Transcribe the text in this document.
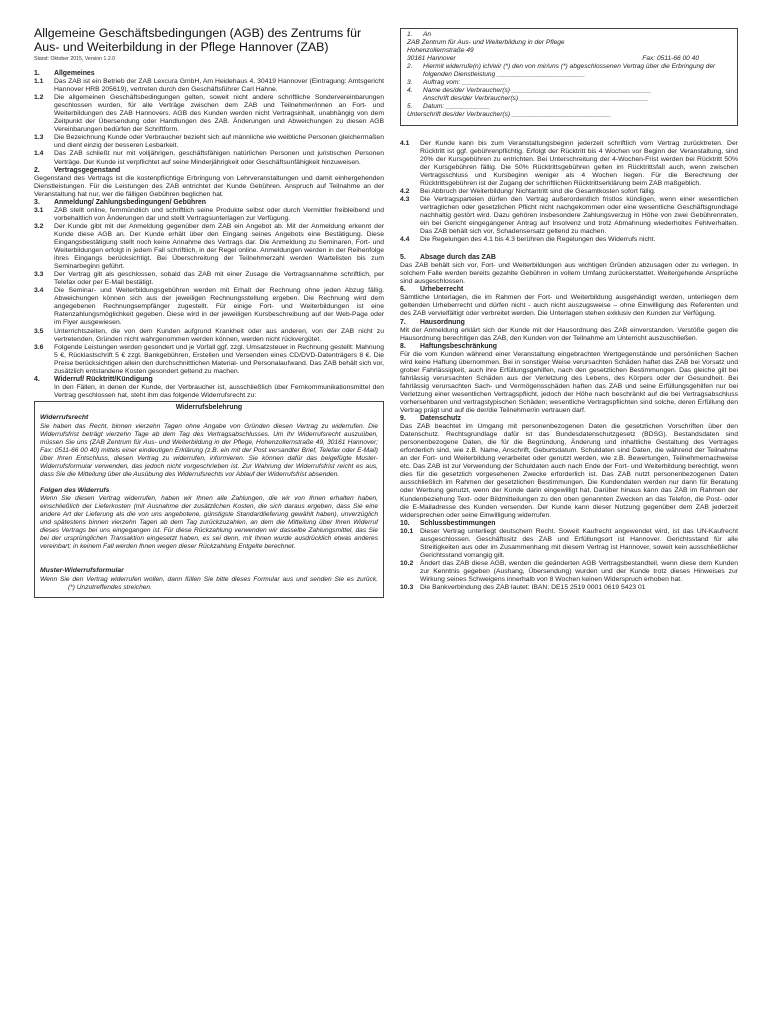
Allgemeine Geschäftsbedingungen (AGB) des Zentrums für Aus- und Weiterbildung in der Pflege Hannover (ZAB)

Stand: Oktober 2015, Version 1.2.0

1.	Allgemeines
1.1	Das ZAB ist ein Betrieb der ZAB Lexcura GmbH, Am Heidehaus 4, 30419 Hannover (Eintragung: Amtsgericht Hannover HRB 205619), vertreten durch den Geschäftsführer Carl Hahne.
1.2	Die allgemeinen Geschäftsbedingungen gelten, soweit nicht andere schriftliche Sondervereinbarungen geschlossen wurden, für alle Verträge zwischen dem ZAB und Teilnehmer/innen an Fort- und Weiterbildungen des ZAB Hannovers. AGB des Kunden werden nicht Vertragsinhalt, unabhängig von dem Zeitpunkt der Übersendung oder Handlungen des ZAB. Änderungen und Abweichungen zu diesen AGB Vereinbarungen bedürfen der Schriftform.
1.3	Die Bezeichnung Kunde oder Verbraucher bezieht sich auf männliche wie weibliche Personen gleichermaßen und dient einzig der besseren Lesbarkeit.
1.4	Das ZAB schließt nur mit volljährigen, geschäftsfähigen natürlichen Personen und juristischen Personen Verträge. Der Kunde ist verpflichtet auf seine Minderjährigkeit oder Geschäftsunfähigkeit hinzuweisen.
2.	Vertragsgegenstand

Gegenstand des Vertrags ist die kostenpflichtige Erbringung von Lehrveranstaltungen und damit einhergehenden Dienstleistungen. Für die Leistungen des ZAB entrichtet der Kunde Gebühren. Anspruch auf Teilnahme an der Veranstaltung hat nur, wer die fälligen Gebühren beglichen hat.

3.	Anmeldung/ Zahlungsbedingungen/ Gebühren
3.1	ZAB stellt online, fernmündlich und schriftlich seine Produkte selbst oder durch Vermittler freibleibend und vorbehaltlich von Änderungen dar und stellt Vertragsunterlagen zur Verfügung.
3.2	Der Kunde gibt mit der Anmeldung gegenüber dem ZAB ein Angebot ab. Mit der Anmeldung erkennt der Kunde diese AGB an. Der Kunde erhält über den Eingang seines Angebots eine Bestätigung. Diese Eingangsbestätigung stellt noch keine Annahme des Vertrags dar. Die Anmeldung zu Seminaren, Fort- und Weiterbildungen erfolgt in jedem Fall schriftlich, in der Regel online. Anmeldungen werden in der Reihenfolge ihres Eingangs berücksichtigt. Bei Überschreitung der Teilnehmerzahl werden Wartelisten bis zum Seminarbeginn geführt.
3.3	Der Vertrag gilt als geschlossen, sobald das ZAB mit einer Zusage die Vertragsannahme schriftlich, per Telefax oder per E-Mail bestätigt.
3.4	Die Seminar- und Weiterbildungsgebühren werden mit Erhalt der Rechnung ohne jeden Abzug fällig. Abweichungen können sich aus der jeweiligen Rechnungsstellung ergeben. Die Rechnung wird dem angegebenen Rechnungsempfänger zugestellt. Für einige Fort- und Weiterbildungen ist eine Ratenzahlungsmöglichkeit gegeben. Diese wird in der jeweiligen Kursbeschreibung auf der Web-Page oder im Flyer ausgewiesen.
3.5	Unterrichtszeiten, die von dem Kunden aufgrund Krankheit oder aus anderen, von der ZAB nicht zu vertretenden, Gründen nicht wahrgenommen werden können, werden nicht rückvergütet.
3.6	Folgende Leistungen werden gesondert und je Vorfall ggf. zzgl. Umsatzsteuer in Rechnung gestellt: Mahnung 5 €, Rücklastschrift 5 € zzgl. Bankgebühren, Erstellen und Versenden eines CD/DVD-Datenträgers 8 €. Die Preise berücksichtigen allein den durchschnittlichen Material- und Personalaufwand. Das ZAB behält sich vor, zusätzlich entstandene Kosten gesondert geltend zu machen.
4.	Widerruf/ Rücktritt/Kündigung
In den Fällen, in denen der Kunde, der Verbraucher ist, ausschließlich über Fernkommunikationsmittel den Vertrag geschlossen hat, steht ihm das folgende Widerrufsrecht zu:

Widerrufsbelehrung

Widerrufsrecht

Sie haben das Recht, binnen vierzehn Tagen ohne Angabe von Gründen diesen Vertrag zu widerrufen. Die Widerrufsfrist beträgt vierzehn Tage ab dem Tag des Vertragsabschlusses. Um Ihr Widerrufsrecht auszuüben, müssen Sie uns (ZAB Zentrum für Aus- und Weiterbildung in der Pflege, Hohenzollernstraße 49, 30161 Hannover; Fax: 0511-66 00 40) mittels einer eindeutigen Erklärung (z.B. ein mit der Post versandter Brief, Telefax oder E-Mail) über Ihren Entschluss, diesen Vertrag zu widerrufen, informieren. Sie können dafür das beigefügte Muster-Widerrufsformular verwenden, das jedoch nicht vorgeschrieben ist. Zur Wahrung der Widerrufsfrist reicht es aus, dass Sie die Mitteilung über die Ausübung des Widerrufsrechts vor Ablauf der Widerrufsfrist absenden.

Folgen des Widerrufs

Wenn Sie diesen Vertrag widerrufen, haben wir Ihnen alle Zahlungen, die wir von Ihnen erhalten haben, einschließlich der Lieferkosten (mit Ausnahme der zusätzlichen Kosten, die sich daraus ergeben, dass Sie eine andere Art der Lieferung als die von uns angebotene, günstigste Standardlieferung gewählt haben), unverzüglich und spätestens binnen vierzehn Tagen ab dem Tag zurückzuzahlen, an dem die Mitteilung über Ihren Widerruf dieses Vertrags bei uns eingegangen ist. Für diese Rückzahlung verwenden wir dasselbe Zahlungsmittel, das Sie bei der ursprünglichen Transaktion eingesetzt haben, es sei denn, mit Ihnen wurde ausdrücklich etwas anderes vereinbart; in keinem Fall werden Ihnen wegen dieser Rückzahlung Entgelte berechnet.

Muster-Widerrufsformular

Wenn Sie den Vertrag widerrufen wollen, dann füllen Sie bitte dieses Formular aus und senden Sie es zurück. (*) Unzutreffendes streichen.

1.	An

ZAB Zentrum für Aus- und Weiterbildung in der Pflege

Hohenzollernstraße 49

30161 Hannover	Fax: 0511-66 00 40
2.	Hiermit widerrufe(n) ich/wir (*) den von mir/uns (*) abgeschlossenen Vertrag über die Erbringung der folgenden Dienstleistung ________________________
3.	Auftrag vom: ____________
4.	Name des/der Verbraucher(s) ______________________________________
Anschrift des/der Verbraucher(s) ___________________________________
5.	Datum: ____________

Unterschrift des/der Verbraucher(s) ___________________________

4.1	Der Kunde kann bis zum Veranstaltungsbeginn jederzeit schriftlich vom Vertrag zurücktreten. Der Rücktritt ist ggf. gebührenpflichtig. Erfolgt der Rücktritt bis 4 Wochen vor Beginn der Veranstaltung, sind 20% der Kursgebühren zu entrichten. Bei Unterschreitung der 4-Wochen-Frist werden bei Rücktritt 50% der Kursgebühren fällig. Die 50% Rücktrittsgebühren gelten im Rücktrittsfall auch, wenn zwischen Vertragsschluss und Kursbeginn weniger als 4 Wochen liegen. Für die Berechnung der Rücktrittsgebühren ist der Zugang der schriftlichen Rücktrittserklärung beim ZAB maßgeblich.
4.2	Bei Abbruch der Weiterbildung/ Nichtantritt sind die Gesamtkosten sofort fällig.
4.3	Die Vertragsparteien dürfen den Vertrag außerordentlich fristlos kündigen, wenn einer wesentlichen vertraglichen oder gesetzlichen Pflicht nicht nachgekommen oder eine wesentliche Geschäftsgrundlage nachhaltig gestört wird. Dazu gehören insbesondere Zahlungsverzug in Höhe von zwei Gebührenraten, ein bei Gericht eingegangener Antrag auf Insolvenz und trotz Abmahnung wiederholtes Fehlverhalten. Das ZAB behält sich vor, Schadensersatz geltend zu machen.
4.4	Die Regelungen des 4.1 bis 4.3 berühren die Regelungen des Widerrufs nicht.
5.	Absage durch das ZAB

Das ZAB behält sich vor, Fort- und Weiterbildungen aus wichtigen Gründen abzusagen oder zu verlegen. In solchem Falle werden bereits gezahlte Gebühren in vollem Umfang zurückerstattet. Weitergehende Ansprüche sind ausgeschlossen.

6.	Urheberrecht

Sämtliche Unterlagen, die im Rahmen der Fort- und Weiterbildung ausgehändigt werden, unterliegen dem geltenden Urheberrecht und dürfen nicht - auch nicht auszugsweise – ohne Einwilligung des Referenten und des ZAB vervielfältigt oder verbreitet werden. Die Unterlagen stehen exklusiv den Kunden zur Verfügung.

7.	Hausordnung

Mit der Anmeldung erklärt sich der Kunde mit der Hausordnung des ZAB einverstanden. Verstöße gegen die Hausordnung berechtigen das ZAB, den Kunden von der Teilnahme am Unterricht auszuschließen.

8.	Haftungsbeschränkung

Für die vom Kunden während einer Veranstaltung eingebrachten Wertgegenstände und persönlichen Sachen wird keine Haftung übernommen. Bei in sonstiger Weise verursachten Schäden haftet das ZAB bei Vorsatz und grober Fahrlässigkeit, auch ihre Erfüllungsgehilfen, nach den gesetzlichen Bestimmungen. Das gleiche gilt bei fahrlässig verursachten Schäden aus der Verletzung des Lebens, des Körpers oder der Gesundheit. Bei fahrlässig verursachten Sach- und Vermögensschäden haften das ZAB und seine Erfüllungsgehilfen nur bei Verletzung einer wesentlichen Vertragspflicht, jedoch der Höhe nach beschränkt auf die bei Vertragsabschluss vorhersehbaren und vertragstypischen Schäden; wesentliche Vertragspflichten sind solche, deren Erfüllung den Vertrag prägt und auf die der/die Teilnehmer/in vertrauen darf.

9.	Datenschutz

Das ZAB beachtet im Umgang mit personenbezogenen Daten die gesetzlichen Vorschriften über den Datenschutz. Rechtsgrundlage dafür ist das Bundesdatenschutzgesetz (BDSG). Bestandsdaten sind personenbezogene Daten, die für die Begründung, Änderung und inhaltliche Gestaltung des Vertrages erforderlich sind, wie z.B. Name, Anschrift, Geburtsdatum. Schuldaten sind Daten, die während der Teilnahme an der Fort- und Weiterbildung verarbeitet oder genutzt werden, wie z.B. Bewertungen, Teilnehmernachweise etc. Das ZAB ist zur Verwendung der Schuldaten auch nach Ende der Fort- und Weiterbildung berechtigt, wenn dies für die gesetzlich vorgesehenen Zwecke erforderlich ist. Das ZAB nutzt personenbezogenen Daten ausschließlich im Rahmen der gesetzlichen Bestimmungen. Die Kundendaten werden nur dann für Beratung oder Werbung genutzt, wenn der Kunde darin eingewilligt hat. Darüber hinaus kann das ZAB im Rahmen der Kundenbeziehung Text- oder Bildmitteilungen zu den oben genannten Zwecken an das Telefon, die Post- oder die E-Mailadresse des Kunden versenden. Der Kunde kann dieser Nutzung gegenüber dem ZAB jederzeit widersprechen oder seine Einwilligung widerrufen.

10.	Schlussbestimmungen
10.1 Dieser Vertrag unterliegt deutschem Recht. Soweit Kaufrecht angewendet wird, ist das UN-Kaufrecht ausgeschlossen. Geschäftssitz des ZAB und Erfüllungsort ist Hannover. Gerichtsstand für alle Streitigkeiten aus oder im Zusammenhang mit diesem Vertrag ist Hannover, soweit kein ausschließlicher Gerichtsstand vorrangig gilt.
10.2 Ändert das ZAB diese AGB, werden die geänderten AGB Vertragsbestandteil, wenn diese dem Kunden zur Kenntnis gegeben (Aushang, Übersendung) wurden und der Kunde trotz dieses Hinweises zur Wirkung seines Schweigens innerhalb von 8 Wochen keinen Widerspruch erhoben hat.
10.3 Die Bankverbindung des ZAB lautet: IBAN: DE15 2519 0001 0619 5423 01
